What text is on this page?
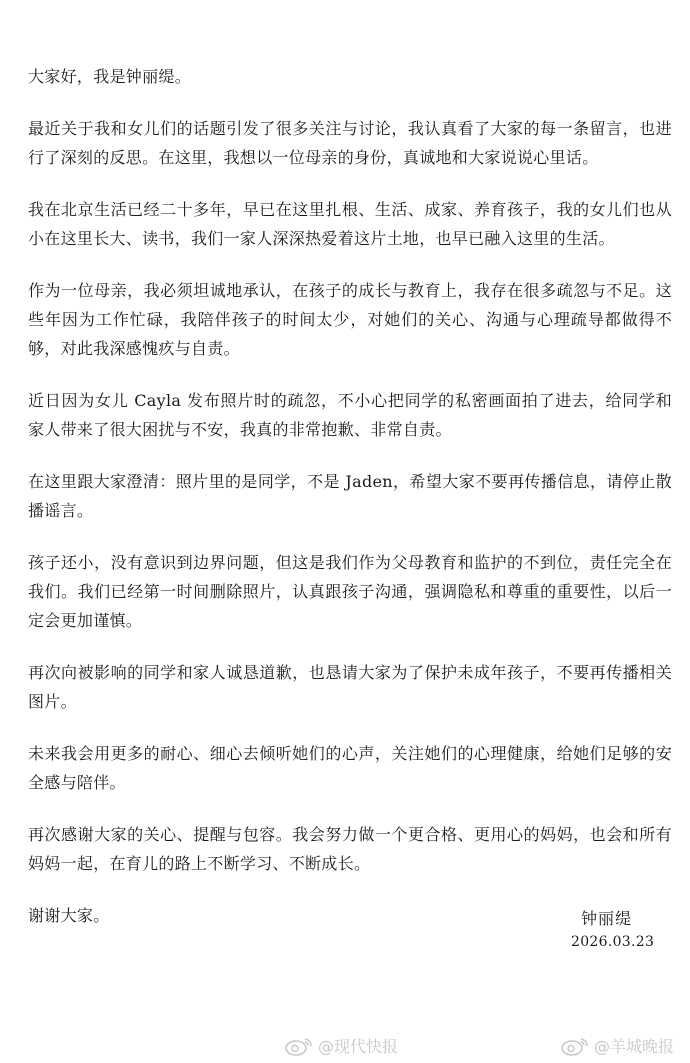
大家好，我是钟丽缇。

最近关于我和女儿们的话题引发了很多关注与讨论，我认真看了大家的每一条留言，也进行了深刻的反思。在这里，我想以一位母亲的身份，真诚地和大家说说心里话。

我在北京生活已经二十多年，早已在这里扎根、生活、成家、养育孩子，我的女儿们也从小在这里长大、读书，我们一家人深深热爱着这片土地，也早已融入这里的生活。

作为一位母亲，我必须坦诚地承认，在孩子的成长与教育上，我存在很多疏忽与不足。这些年因为工作忙碌，我陪伴孩子的时间太少，对她们的关心、沟通与心理疏导都做得不够，对此我深感愧疚与自责。

近日因为女儿 Cayla 发布照片时的疏忽，不小心把同学的私密画面拍了进去，给同学和家人带来了很大困扰与不安，我真的非常抱歉、非常自责。

在这里跟大家澄清：照片里的是同学，不是 Jaden，希望大家不要再传播信息，请停止散播谣言。

孩子还小，没有意识到边界问题，但这是我们作为父母教育和监护的不到位，责任完全在我们。我们已经第一时间删除照片，认真跟孩子沟通，强调隐私和尊重的重要性，以后一定会更加谨慎。

再次向被影响的同学和家人诚恳道歉，也恳请大家为了保护未成年孩子，不要再传播相关图片。

未来我会用更多的耐心、细心去倾听她们的心声，关注她们的心理健康，给她们足够的安全感与陪伴。

再次感谢大家的关心、提醒与包容。我会努力做一个更合格、更用心的妈妈，也会和所有妈妈一起，在育儿的路上不断学习、不断成长。

谢谢大家。	钟丽缇
2026.03.23
@现代快报	@羊城晚报
